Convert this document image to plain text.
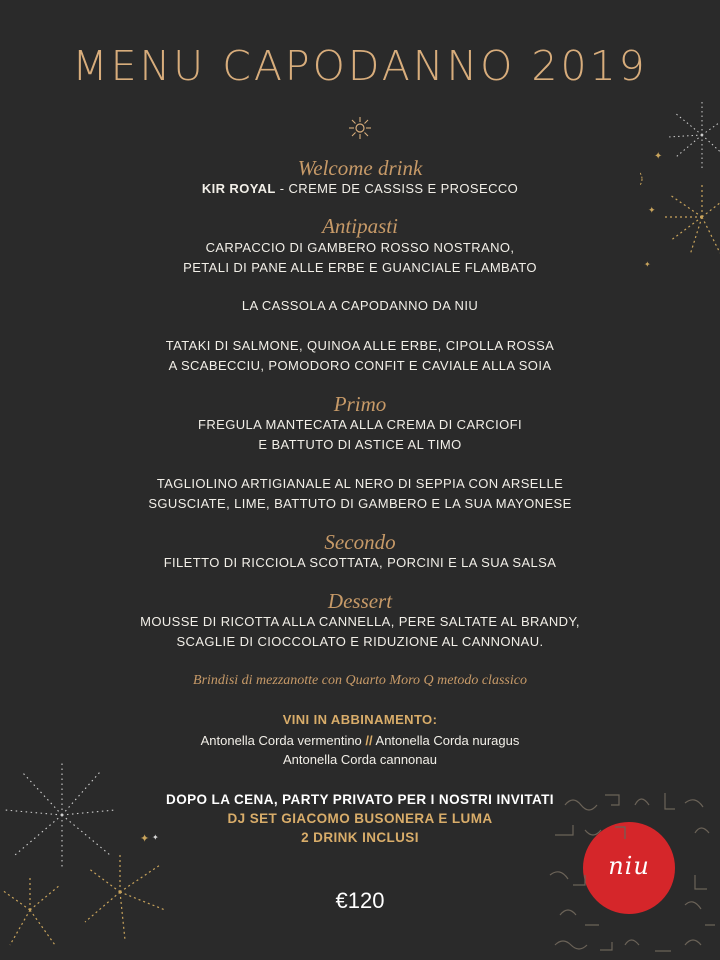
MENU CAPODANNO 2019
Welcome drink
KIR ROYAL - CREME DE CASSISS E PROSECCO
Antipasti
CARPACCIO DI GAMBERO ROSSO NOSTRANO,
PETALI DI PANE ALLE ERBE E GUANCIALE FLAMBATO
LA CASSOLA A CAPODANNO DA NIU
TATAKI DI SALMONE, QUINOA ALLE ERBE, CIPOLLA ROSSA
A SCABECCIU, POMODORO CONFIT E CAVIALE ALLA SOIA
Primo
FREGULA MANTECATA ALLA CREMA DI CARCIOFI
E BATTUTO DI ASTICE AL TIMO
TAGLIOLINO ARTIGIANALE AL NERO DI SEPPIA CON ARSELLE
SGUSCIATE, LIME, BATTUTO DI GAMBERO E LA SUA MAYONESE
Secondo
FILETTO DI RICCIOLA SCOTTATA, PORCINI E LA SUA SALSA
Dessert
MOUSSE DI RICOTTA ALLA CANNELLA, PERE SALTATE AL BRANDY,
SCAGLIE DI CIOCCOLATO E RIDUZIONE AL CANNONAU.
Brindisi di mezzanotte con Quarto Moro Q metodo classico
VINI IN ABBINAMENTO:
Antonella Corda vermentino // Antonella Corda nuragus
Antonella Corda cannonau
DOPO LA CENA, PARTY PRIVATO PER I NOSTRI INVITATI
DJ SET GIACOMO BUSONERA E LUMA
2 DRINK INCLUSI
€120
niu
✦
✦
✦
✦ ✦
